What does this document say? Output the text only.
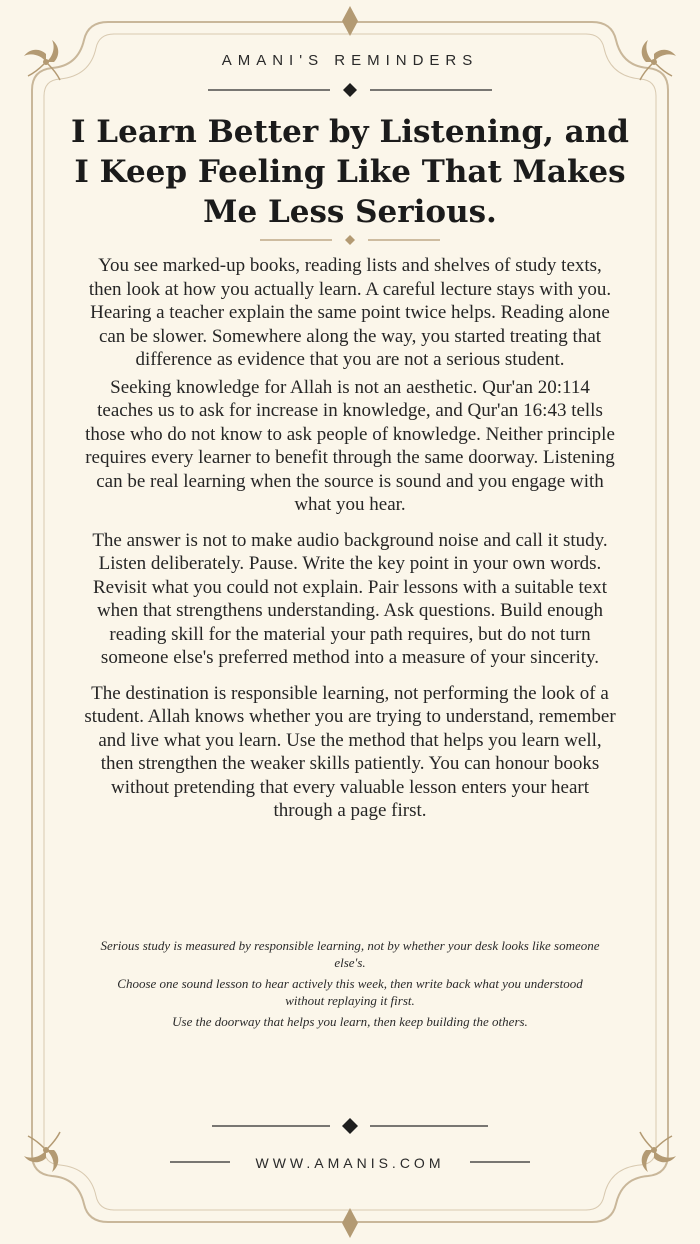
AMANI'S REMINDERS
I Learn Better by Listening, and I Keep Feeling Like That Makes Me Less Serious.

You see marked-up books, reading lists and shelves of study texts, then look at how you actually learn. A careful lecture stays with you. Hearing a teacher explain the same point twice helps. Reading alone can be slower. Somewhere along the way, you started treating that difference as evidence that you are not a serious student.

Seeking knowledge for Allah is not an aesthetic. Qur'an 20:114 teaches us to ask for increase in knowledge, and Qur'an 16:43 tells those who do not know to ask people of knowledge. Neither principle requires every learner to benefit through the same doorway. Listening can be real learning when the source is sound and you engage with what you hear.

The answer is not to make audio background noise and call it study. Listen deliberately. Pause. Write the key point in your own words. Revisit what you could not explain. Pair lessons with a suitable text when that strengthens understanding. Ask questions. Build enough reading skill for the material your path requires, but do not turn someone else's preferred method into a measure of your sincerity.

The destination is responsible learning, not performing the look of a student. Allah knows whether you are trying to understand, remember and live what you learn. Use the method that helps you learn well, then strengthen the weaker skills patiently. You can honour books without pretending that every valuable lesson enters your heart through a page first.

Serious study is measured by responsible learning, not by whether your desk looks like someone else's.

Choose one sound lesson to hear actively this week, then write back what you understood without replaying it first.

Use the doorway that helps you learn, then keep building the others.

WWW.AMANIS.COM
